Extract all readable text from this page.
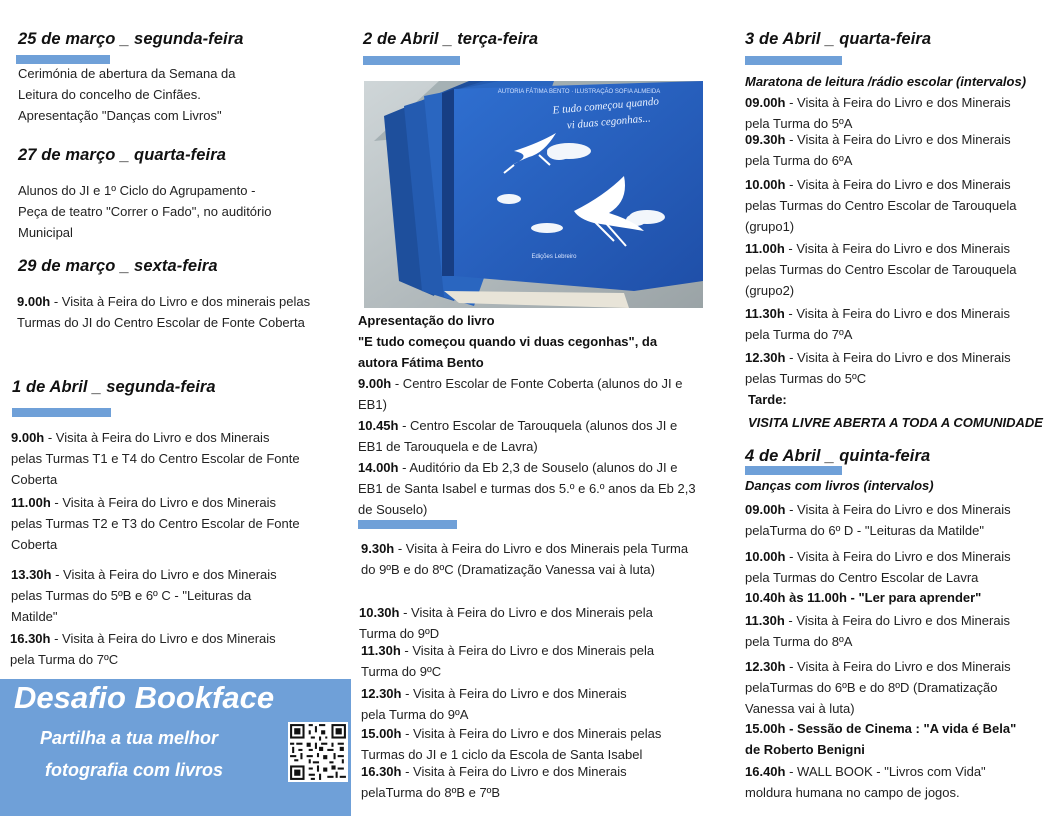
25 de março _ segunda-feira
Cerimónia de abertura da Semana da
Leitura do concelho de Cinfães.
Apresentação "Danças com Livros"
27 de março _ quarta-feira
Alunos do JI e 1º Ciclo do Agrupamento -
Peça de teatro "Correr o Fado", no auditório
Municipal
29 de março _ sexta-feira
9.00h - Visita à Feira do Livro e dos minerais pelas Turmas do JI do Centro Escolar de Fonte Coberta
1 de Abril _ segunda-feira
9.00h - Visita à Feira do Livro e dos Minerais pelas Turmas T1 e T4 do Centro Escolar de Fonte Coberta
11.00h - Visita à Feira do Livro e dos Minerais pelas Turmas T2 e T3 do Centro Escolar de Fonte Coberta
13.30h - Visita à Feira do Livro e dos Minerais pelas Turmas do 5ºB e 6º C - "Leituras da Matilde"
16.30h - Visita à Feira do Livro e dos Minerais pela Turma do 7ºC
Desafio Bookface
Partilha a tua melhor
fotografia com livros
2 de Abril _ terça-feira
AUTORIA FÁTIMA BENTO · ILUSTRAÇÃO SOFIA ALMEIDA
E tudo começou quando
vi duas cegonhas...
Edições Lebreiro
Apresentação do livro
"E tudo começou quando vi duas cegonhas", da
autora Fátima Bento
9.00h - Centro Escolar de Fonte Coberta (alunos do JI e EB1)
10.45h - Centro Escolar de Tarouquela (alunos dos JI e EB1 de Tarouquela e de Lavra)
14.00h - Auditório da Eb 2,3 de Souselo (alunos do JI e EB1 de Santa Isabel e turmas dos 5.º e 6.º anos da Eb 2,3 de Souselo)
9.30h - Visita à Feira do Livro e dos Minerais pela Turma do 9ºB e do 8ºC (Dramatização Vanessa vai à luta)
10.30h - Visita à Feira do Livro e dos Minerais pela Turma do 9ºD
11.30h - Visita à Feira do Livro e dos Minerais pela Turma do 9ºC
12.30h - Visita à Feira do Livro e dos Minerais
pela Turma do 9ºA
15.00h - Visita à Feira do Livro e dos Minerais pelas Turmas do JI e 1 ciclo da Escola de Santa Isabel
16.30h - Visita à Feira do Livro e dos Minerais
pelaTurma do 8ºB e 7ºB
3 de Abril _ quarta-feira
Maratona de leitura /rádio escolar (intervalos)
09.00h - Visita à Feira do Livro e dos Minerais pela Turma do 5ºA
09.30h - Visita à Feira do Livro e dos Minerais pela Turma do 6ºA
10.00h - Visita à Feira do Livro e dos Minerais pelas Turmas do Centro Escolar de Tarouquela (grupo1)
11.00h - Visita à Feira do Livro e dos Minerais pelas Turmas do Centro Escolar de Tarouquela (grupo2)
11.30h - Visita à Feira do Livro e dos Minerais pela Turma do 7ºA
12.30h - Visita à Feira do Livro e dos Minerais pelas Turmas do 5ºC
Tarde:
VISITA LIVRE ABERTA A TODA A COMUNIDADE
4 de Abril _ quinta-feira
Danças com livros (intervalos)
09.00h - Visita à Feira do Livro e dos Minerais pelaTurma do 6º D - "Leituras da Matilde"
10.00h - Visita à Feira do Livro e dos Minerais pela Turmas do Centro Escolar de Lavra
10.40h às 11.00h - "Ler para aprender"
11.30h - Visita à Feira do Livro e dos Minerais pela Turma do 8ºA
12.30h - Visita à Feira do Livro e dos Minerais pelaTurmas do 6ºB e do 8ºD (Dramatização Vanessa vai à luta)
15.00h - Sessão de Cinema : "A vida é Bela" de Roberto Benigni
16.40h - WALL BOOK - "Livros com Vida" moldura humana no campo de jogos.
